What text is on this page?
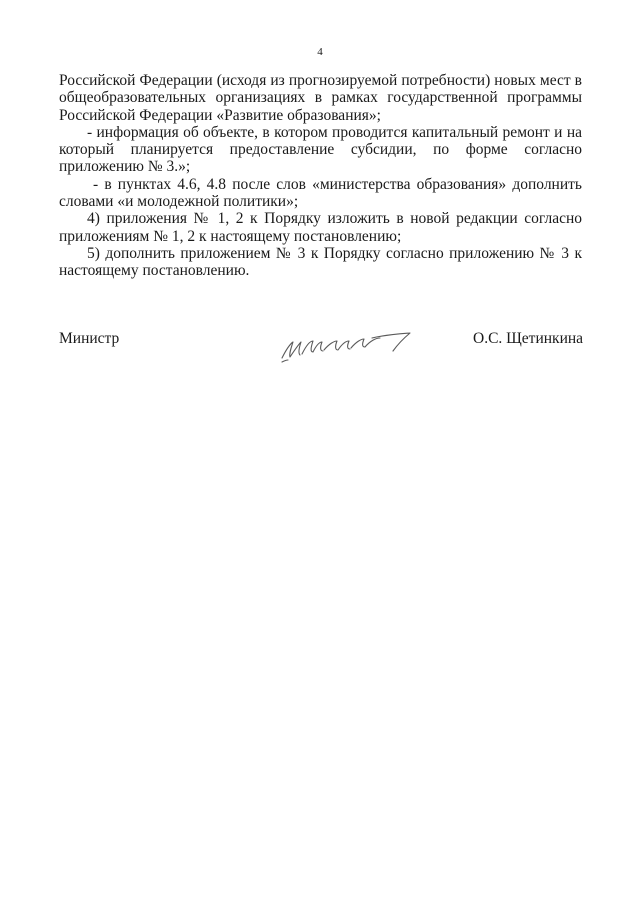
4

Российской Федерации (исходя из прогнозируемой потребности) новых мест в общеобразовательных организациях в рамках государственной программы Российской Федерации «Развитие образования»;

- информация об объекте, в котором проводится капитальный ремонт и на который планируется предоставление субсидии, по форме согласно приложению № 3.»;

- в пунктах 4.6, 4.8 после слов «министерства образования» дополнить словами «и молодежной политики»;

4) приложения № 1, 2 к Порядку изложить в новой редакции согласно приложениям № 1, 2 к настоящему постановлению;

5) дополнить приложением № 3 к Порядку согласно приложению № 3 к настоящему постановлению.

Министр	О.С. Щетинкина
